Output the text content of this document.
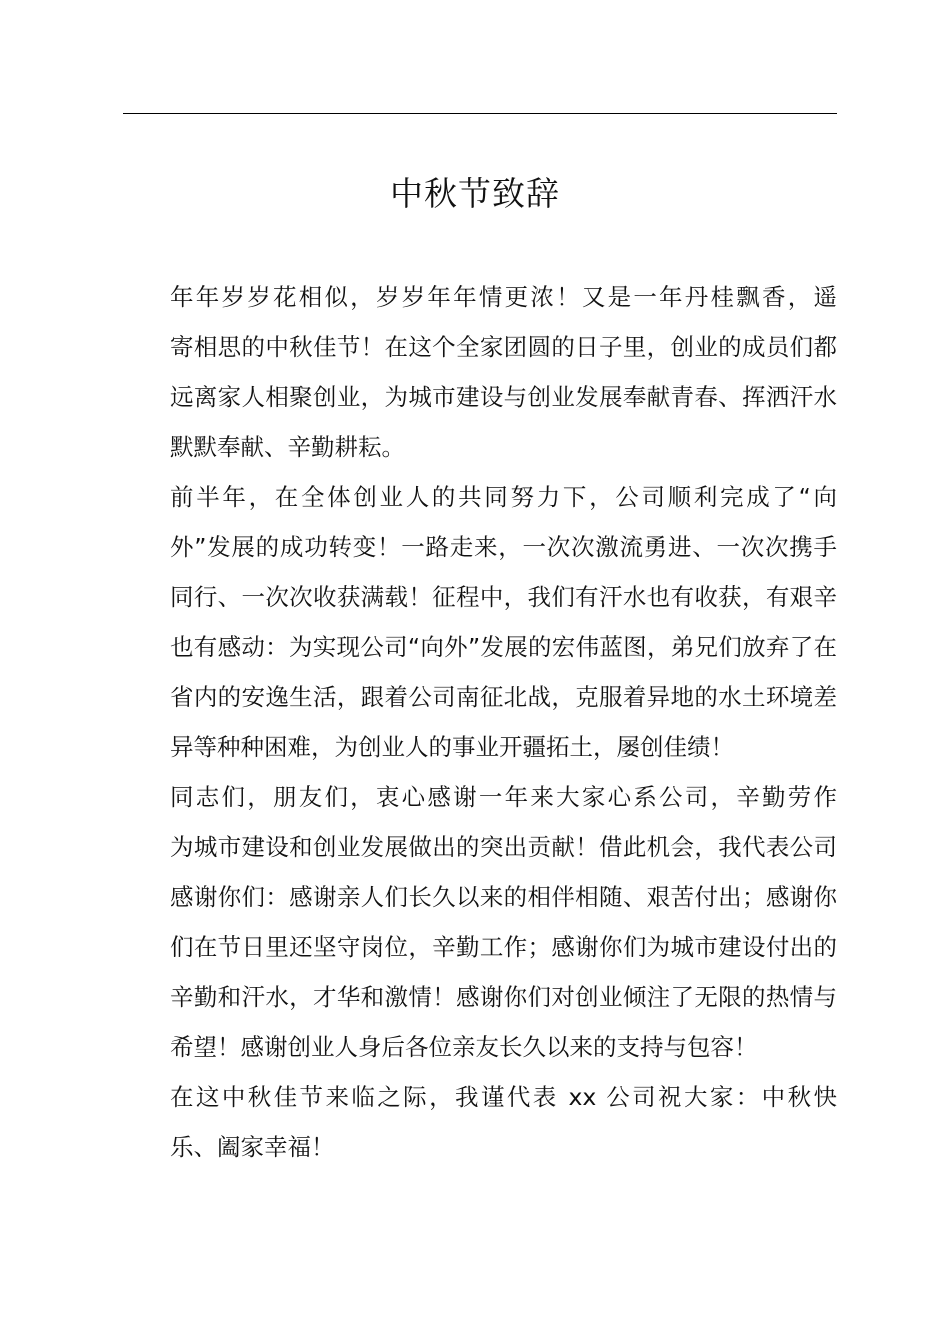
中秋节致辞
年年岁岁花相似，岁岁年年情更浓！又是一年丹桂飘香，遥
寄相思的中秋佳节！在这个全家团圆的日子里，创业的成员们都
远离家人相聚创业，为城市建设与创业发展奉献青春、挥洒汗水
默默奉献、辛勤耕耘。
前半年，在全体创业人的共同努力下，公司顺利完成了“向
外”发展的成功转变！一路走来，一次次激流勇进、一次次携手
同行、一次次收获满载！征程中，我们有汗水也有收获，有艰辛
也有感动：为实现公司“向外”发展的宏伟蓝图，弟兄们放弃了在
省内的安逸生活，跟着公司南征北战，克服着异地的水土环境差
异等种种困难，为创业人的事业开疆拓土，屡创佳绩！
同志们，朋友们，衷心感谢一年来大家心系公司，辛勤劳作
为城市建设和创业发展做出的突出贡献！借此机会，我代表公司
感谢你们：感谢亲人们长久以来的相伴相随、艰苦付出；感谢你
们在节日里还坚守岗位，辛勤工作；感谢你们为城市建设付出的
辛勤和汗水，才华和激情！感谢你们对创业倾注了无限的热情与
希望！感谢创业人身后各位亲友长久以来的支持与包容！
在这中秋佳节来临之际，我谨代表 xx 公司祝大家：中秋快
乐、阖家幸福！
